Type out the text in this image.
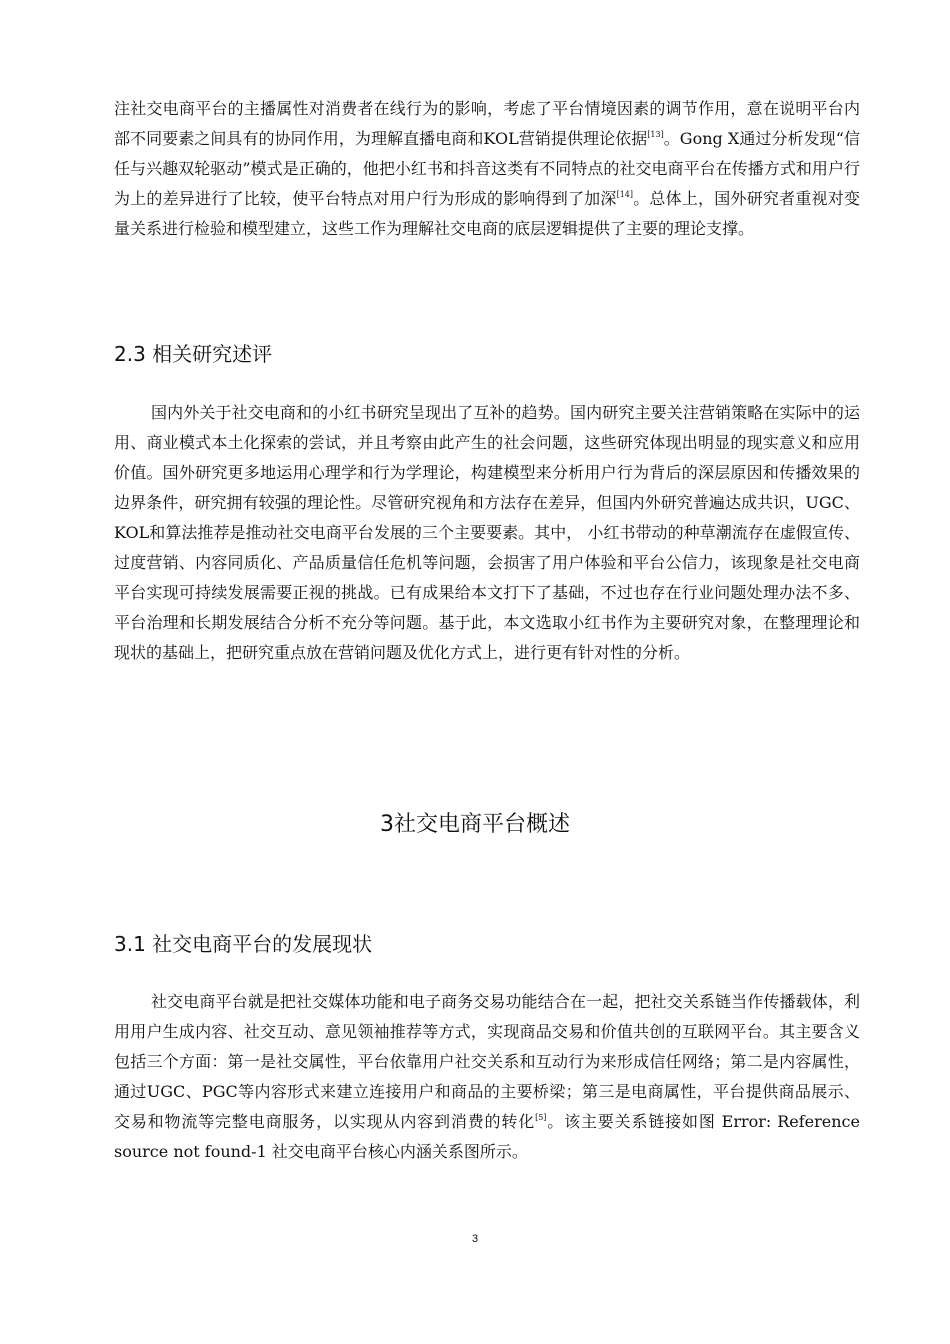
注社交电商平台的主播属性对消费者在线行为的影响，考虑了平台情境因素的调节作用，意在说明平台内部不同要素之间具有的协同作用，为理解直播电商和KOL营销提供理论依据[13]。Gong X通过分析发现“信任与兴趣双轮驱动”模式是正确的，他把小红书和抖音这类有不同特点的社交电商平台在传播方式和用户行为上的差异进行了比较，使平台特点对用户行为形成的影响得到了加深[14]。总体上，国外研究者重视对变量关系进行检验和模型建立，这些工作为理解社交电商的底层逻辑提供了主要的理论支撑。

2.3 相关研究述评

国内外关于社交电商和的小红书研究呈现出了互补的趋势。国内研究主要关注营销策略在实际中的运用、商业模式本土化探索的尝试，并且考察由此产生的社会问题，这些研究体现出明显的现实意义和应用价值。国外研究更多地运用心理学和行为学理论，构建模型来分析用户行为背后的深层原因和传播效果的边界条件，研究拥有较强的理论性。尽管研究视角和方法存在差异，但国内外研究普遍达成共识，UGC、KOL和算法推荐是推动社交电商平台发展的三个主要要素。其中， 小红书带动的种草潮流存在虚假宣传、过度营销、内容同质化、产品质量信任危机等问题，会损害了用户体验和平台公信力，该现象是社交电商平台实现可持续发展需要正视的挑战。已有成果给本文打下了基础，不过也存在行业问题处理办法不多、平台治理和长期发展结合分析不充分等问题。基于此，本文选取小红书作为主要研究对象，在整理理论和现状的基础上，把研究重点放在营销问题及优化方式上，进行更有针对性的分析。

3社交电商平台概述
3.1 社交电商平台的发展现状

社交电商平台就是把社交媒体功能和电子商务交易功能结合在一起，把社交关系链当作传播载体，利用用户生成内容、社交互动、意见领袖推荐等方式，实现商品交易和价值共创的互联网平台。其主要含义包括三个方面：第一是社交属性，平台依靠用户社交关系和互动行为来形成信任网络；第二是内容属性，通过UGC、PGC等内容形式来建立连接用户和商品的主要桥梁；第三是电商属性，平台提供商品展示、交易和物流等完整电商服务，以实现从内容到消费的转化[5]。该主要关系链接如图 Error: Reference source not found-1 社交电商平台核心内涵关系图所示。

3
